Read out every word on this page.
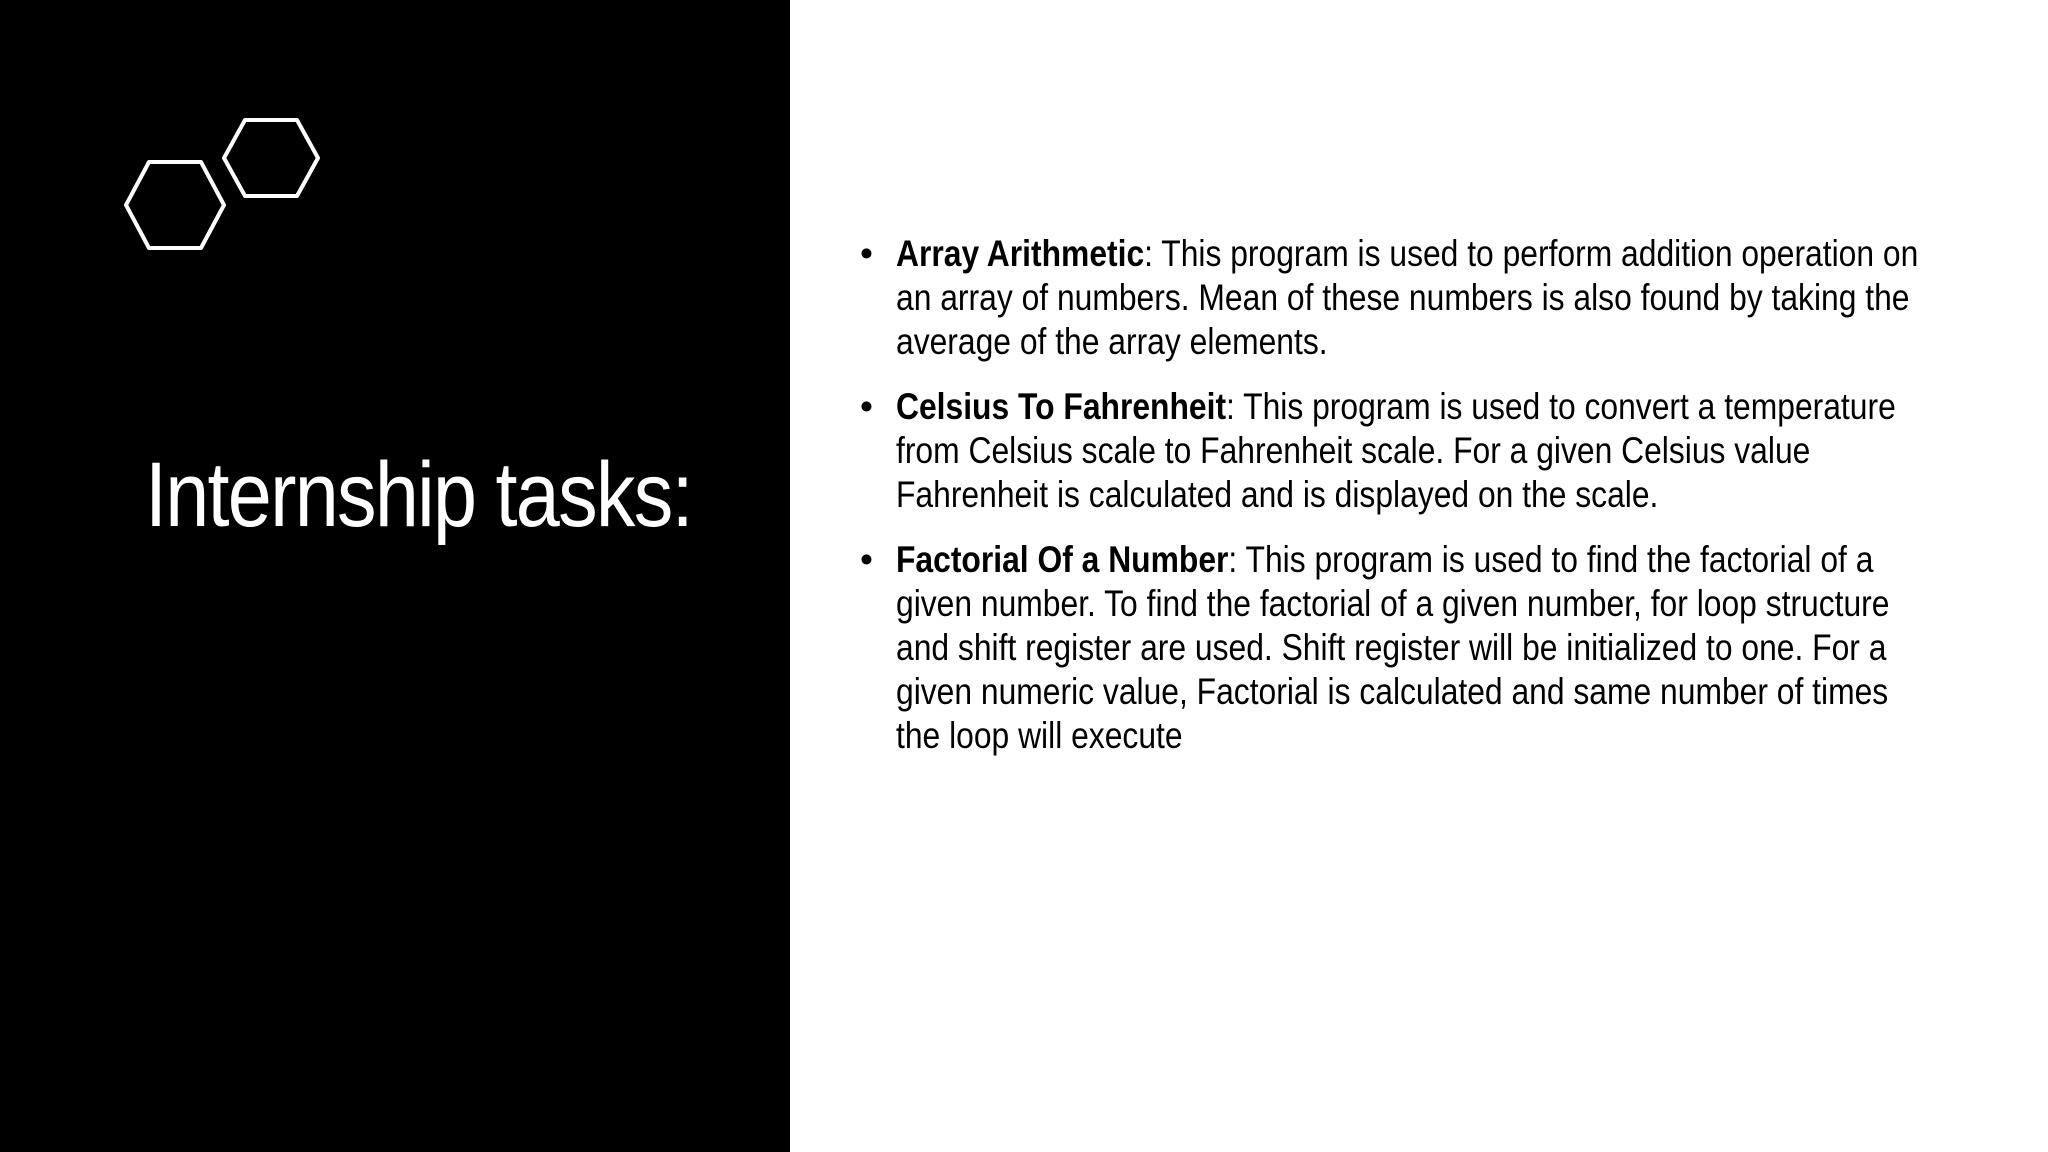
Internship tasks:
• Array Arithmetic: This program is used to perform addition operation on an array of numbers. Mean of these numbers is also found by taking the average of the array elements.
• Celsius To Fahrenheit: This program is used to convert a temperature from Celsius scale to Fahrenheit scale. For a given Celsius value Fahrenheit is calculated and is displayed on the scale.
• Factorial Of a Number: This program is used to find the factorial of a given number. To find the factorial of a given number, for loop structure and shift register are used. Shift register will be initialized to one. For a given numeric value, Factorial is calculated and same number of times the loop will execute
